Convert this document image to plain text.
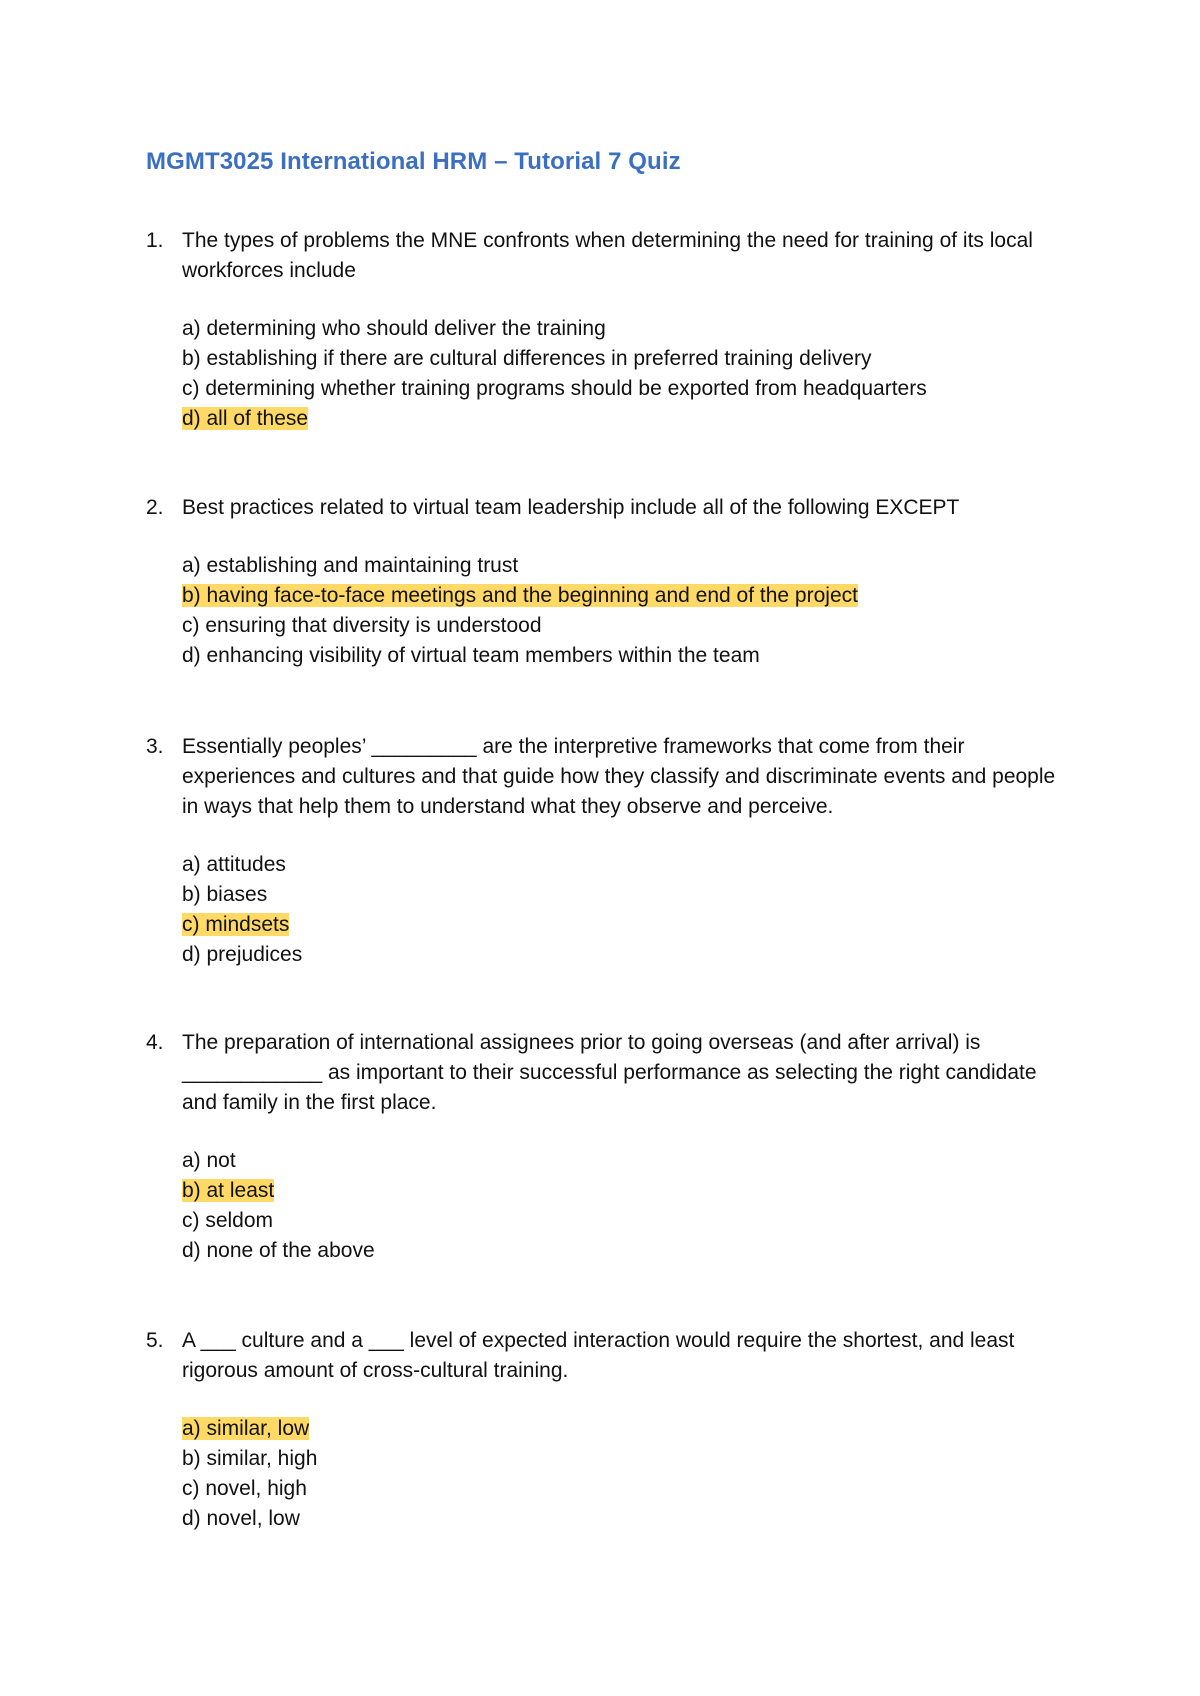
MGMT3025 International HRM – Tutorial 7 Quiz
1. The types of problems the MNE confronts when determining the need for training of its local workforces include
a) determining who should deliver the training
b) establishing if there are cultural differences in preferred training delivery
c) determining whether training programs should be exported from headquarters
d) all of these
2. Best practices related to virtual team leadership include all of the following EXCEPT
a) establishing and maintaining trust
b) having face-to-face meetings and the beginning and end of the project
c) ensuring that diversity is understood
d) enhancing visibility of virtual team members within the team
3. Essentially peoples’ _________ are the interpretive frameworks that come from their experiences and cultures and that guide how they classify and discriminate events and people in ways that help them to understand what they observe and perceive.
a) attitudes
b) biases
c) mindsets
d) prejudices
4. The preparation of international assignees prior to going overseas (and after arrival) is ____________ as important to their successful performance as selecting the right candidate and family in the first place.
a) not
b) at least
c) seldom
d) none of the above
5. A ___ culture and a ___ level of expected interaction would require the shortest, and least rigorous amount of cross-cultural training.
a) similar, low
b) similar, high
c) novel, high
d) novel, low
